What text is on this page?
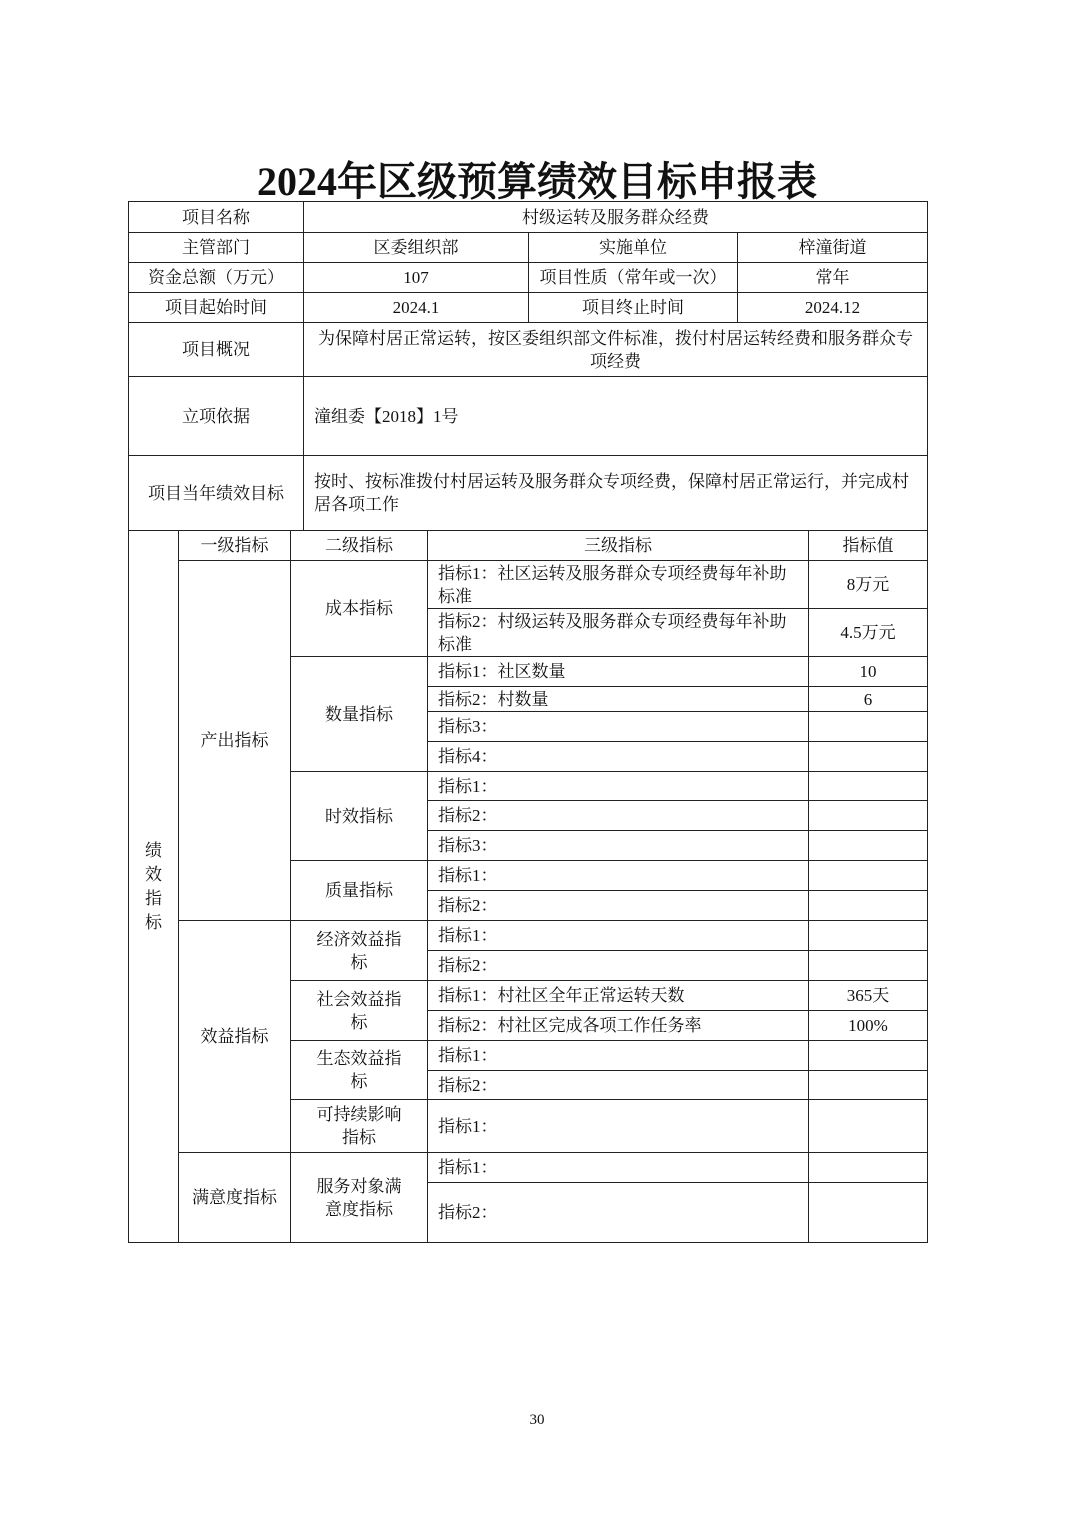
2024年区级预算绩效目标申报表
项目名称	村级运转及服务群众经费		
主管部门	区委组织部	实施单位	梓潼街道
资金总额（万元）	107	项目性质（常年或一次）	常年
项目起始时间	2024.1	项目终止时间	2024.12
项目概况	为保障村居正常运转，按区委组织部文件标准，拨付村居运转经费和服务群众专项经费		
立项依据	潼组委【2018】1号		
项目当年绩效目标	按时、按标准拨付村居运转及服务群众专项经费，保障村居正常运行，并完成村居各项工作		
绩效指标	一级指标	二级指标	三级指标	指标值
	产出指标	成本指标	指标1：社区运转及服务群众专项经费每年补助标准	8万元
			指标2：村级运转及服务群众专项经费每年补助标准	4.5万元
		数量指标	指标1：社区数量	10
			指标2：村数量	6
			指标3：	
			指标4：	
		时效指标	指标1：	
			指标2：	
			指标3：	
		质量指标	指标1：	
			指标2：	
	效益指标	经济效益指标	指标1：	
			指标2：	
		社会效益指标	指标1：村社区全年正常运转天数	365天
			指标2：村社区完成各项工作任务率	100%
		生态效益指标	指标1：	
			指标2：	
		可持续影响指标	指标1：	
	满意度指标	服务对象满意度指标	指标1：	
			指标2：	
30
